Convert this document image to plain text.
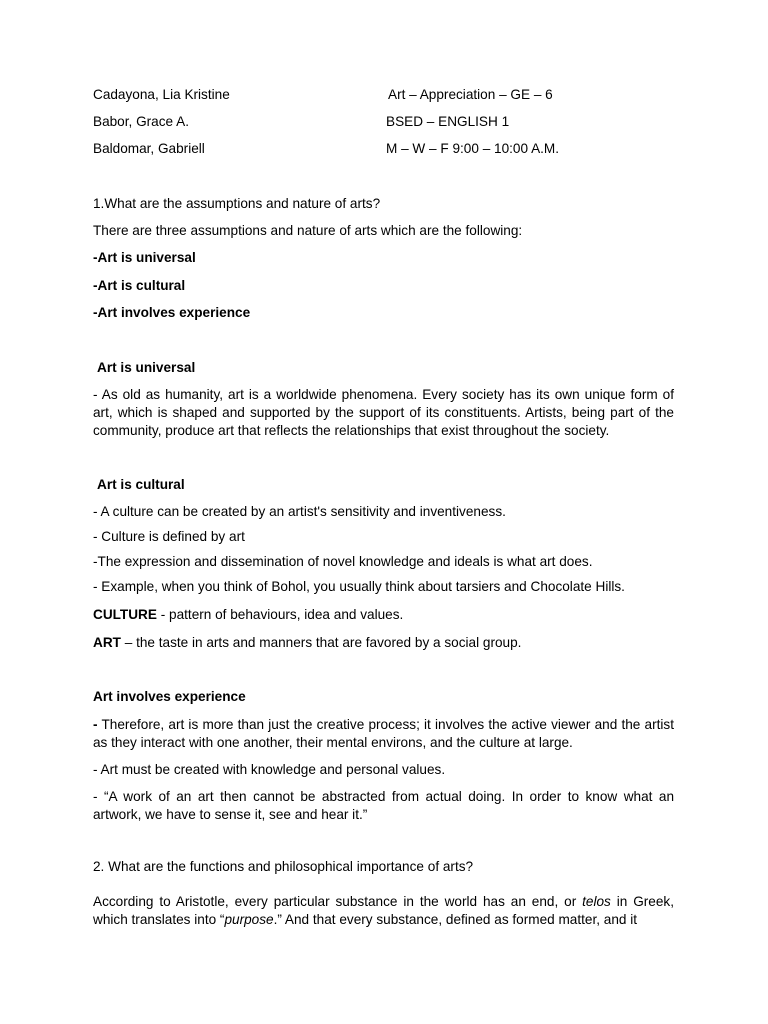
Cadayona, Lia Kristine
Babor, Grace A.
Baldomar, Gabriell
Art – Appreciation – GE – 6
BSED – ENGLISH 1
M – W – F 9:00 – 10:00 A.M.
1.What are the assumptions and nature of arts?
There are three assumptions and nature of arts which are the following:
-Art is universal
-Art is cultural
-Art involves experience
Art is universal
- As old as humanity, art is a worldwide phenomena. Every society has its own unique form of art, which is shaped and supported by the support of its constituents. Artists, being part of the community, produce art that reflects the relationships that exist throughout the society.
Art is cultural
- A culture can be created by an artist's sensitivity and inventiveness.
- Culture is defined by art
-The expression and dissemination of novel knowledge and ideals is what art does.
- Example, when you think of Bohol, you usually think about tarsiers and Chocolate Hills.
CULTURE - pattern of behaviours, idea and values.
ART – the taste in arts and manners that are favored by a social group.
Art involves experience
- Therefore, art is more than just the creative process; it involves the active viewer and the artist as they interact with one another, their mental environs, and the culture at large.
- Art must be created with knowledge and personal values.
- “A work of an art then cannot be abstracted from actual doing. In order to know what an artwork, we have to sense it, see and hear it.”
2. What are the functions and philosophical importance of arts?
According to Aristotle, every particular substance in the world has an end, or telos in Greek, which translates into “purpose.” And that every substance, defined as formed matter, and it
